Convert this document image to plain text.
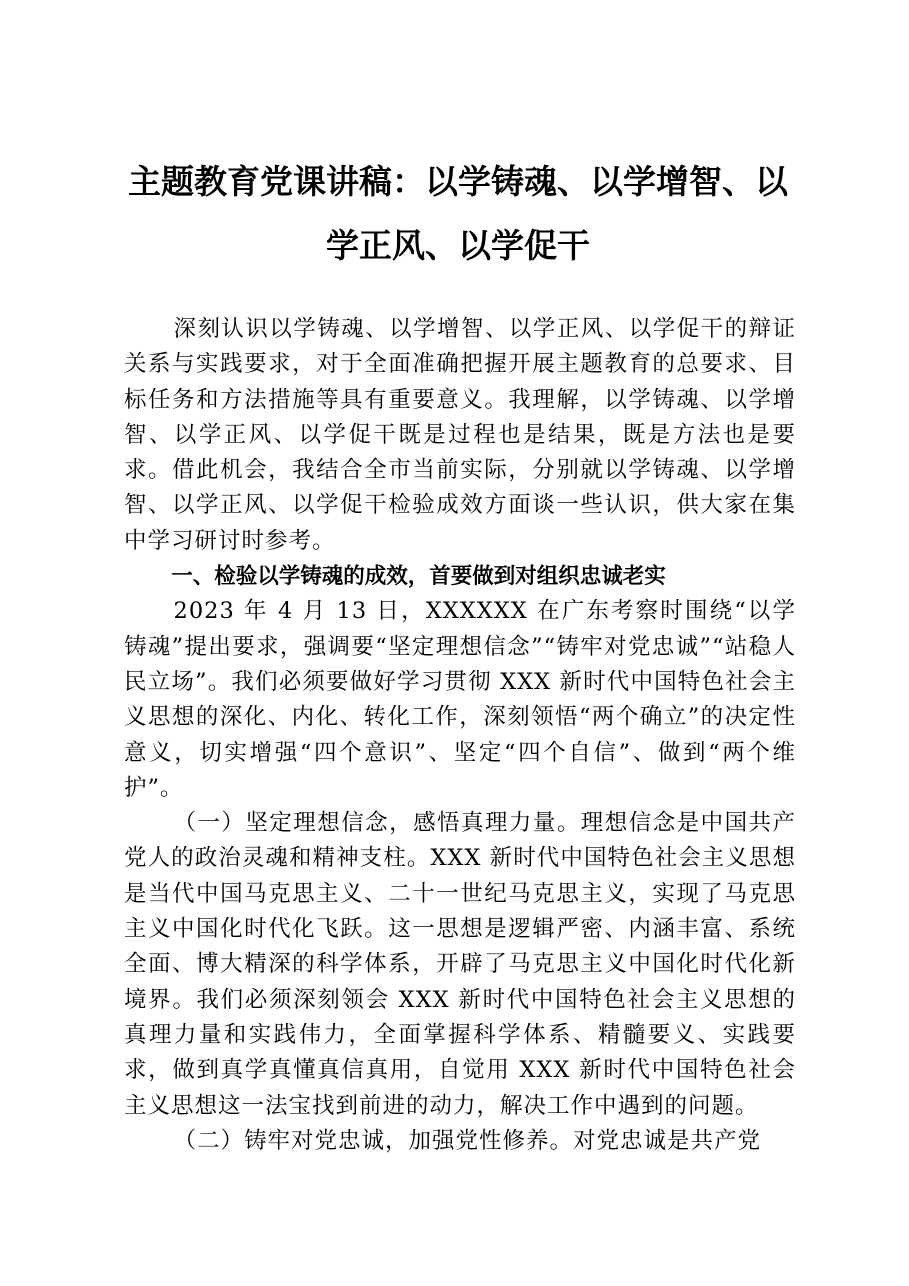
主题教育党课讲稿：以学铸魂、以学增智、以学正风、以学促干

深刻认识以学铸魂、以学增智、以学正风、以学促干的辩证关系与实践要求，对于全面准确把握开展主题教育的总要求、目标任务和方法措施等具有重要意义。我理解，以学铸魂、以学增智、以学正风、以学促干既是过程也是结果，既是方法也是要求。借此机会，我结合全市当前实际，分别就以学铸魂、以学增智、以学正风、以学促干检验成效方面谈一些认识，供大家在集中学习研讨时参考。

一、检验以学铸魂的成效，首要做到对组织忠诚老实

2023 年 4 月 13 日，XXXXXX 在广东考察时围绕“以学铸魂”提出要求，强调要“坚定理想信念”“铸牢对党忠诚”“站稳人民立场”。我们必须要做好学习贯彻 XXX 新时代中国特色社会主义思想的深化、内化、转化工作，深刻领悟“两个确立”的决定性意义，切实增强“四个意识”、坚定“四个自信”、做到“两个维护”。

（一）坚定理想信念，感悟真理力量。理想信念是中国共产党人的政治灵魂和精神支柱。XXX 新时代中国特色社会主义思想是当代中国马克思主义、二十一世纪马克思主义，实现了马克思主义中国化时代化飞跃。这一思想是逻辑严密、内涵丰富、系统全面、博大精深的科学体系，开辟了马克思主义中国化时代化新境界。我们必须深刻领会 XXX 新时代中国特色社会主义思想的真理力量和实践伟力，全面掌握科学体系、精髓要义、实践要求，做到真学真懂真信真用，自觉用 XXX 新时代中国特色社会主义思想这一法宝找到前进的动力，解决工作中遇到的问题。

（二）铸牢对党忠诚，加强党性修养。对党忠诚是共产党
